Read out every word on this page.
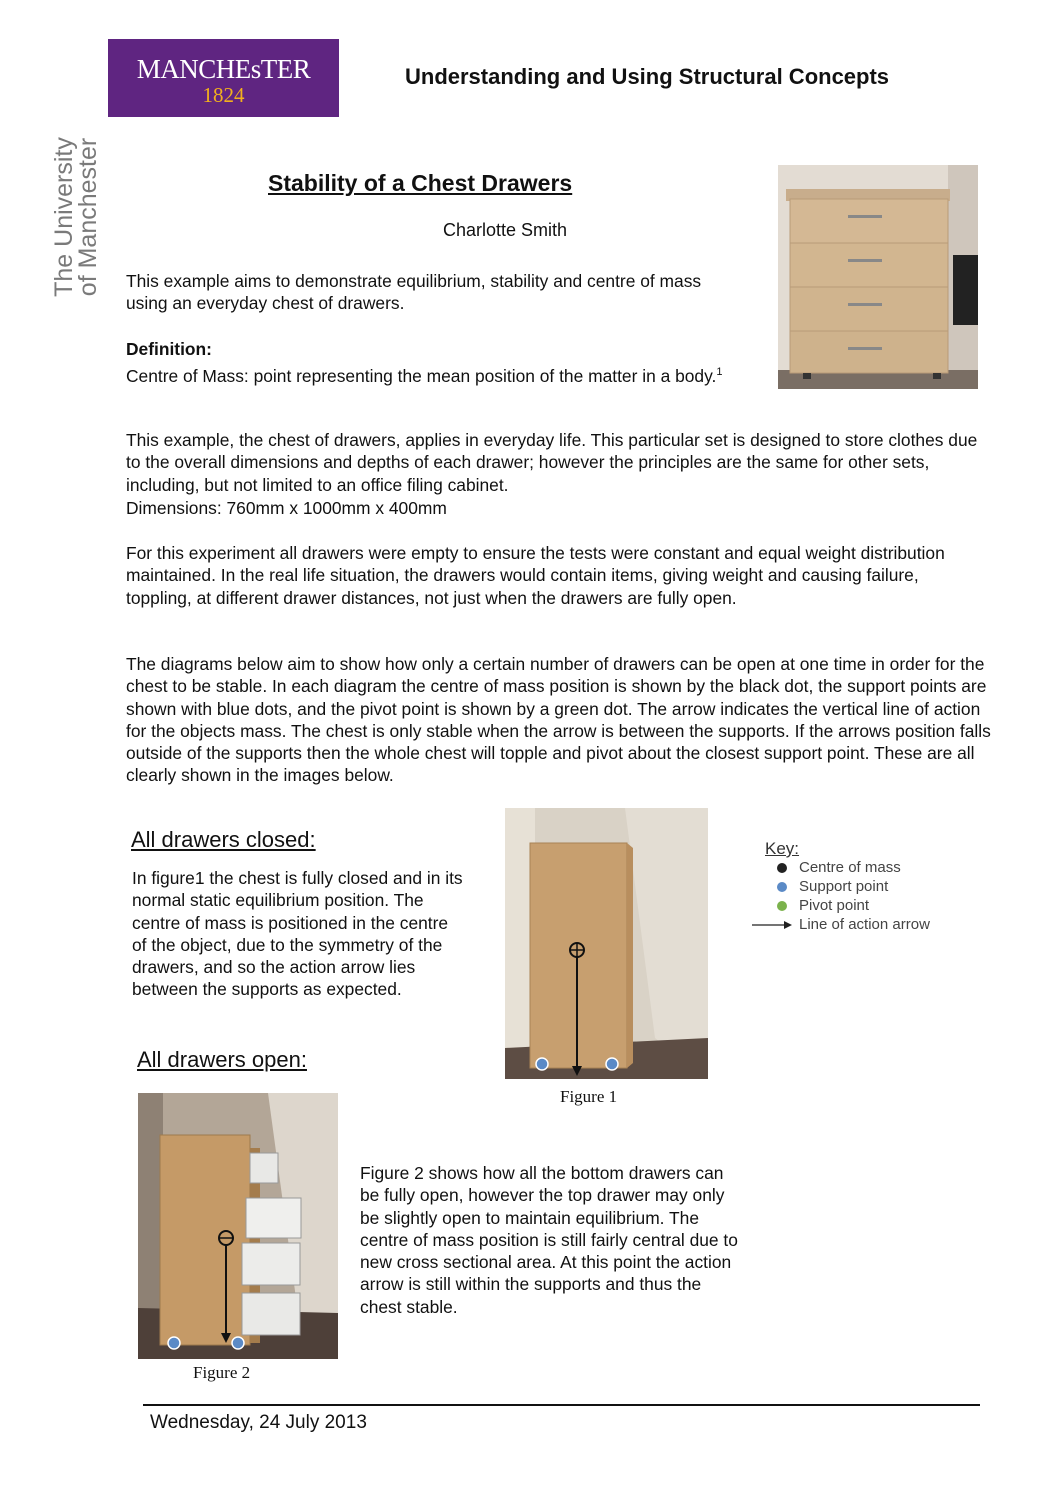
MANCHEsTER
1824
The University
of Manchester
Understanding and Using Structural Concepts
Stability of a Chest Drawers
Charlotte Smith
This example aims to demonstrate equilibrium, stability and centre of mass using an everyday chest of drawers.
Definition:
Centre of Mass: point representing the mean position of the matter in a body.$^1$
This example, the chest of drawers, applies in everyday life. This particular set is designed to store clothes due to the overall dimensions and depths of each drawer; however the principles are the same for other sets, including, but not limited to an office filing cabinet.
Dimensions: 760mm x 1000mm x 400mm
For this experiment all drawers were empty to ensure the tests were constant and equal weight distribution maintained. In the real life situation, the drawers would contain items, giving weight and causing failure, toppling, at different drawer distances, not just when the drawers are fully open.
The diagrams below aim to show how only a certain number of drawers can be open at one time in order for the chest to be stable. In each diagram the centre of mass position is shown by the black dot, the support points are shown with blue dots, and the pivot point is shown by a green dot. The arrow indicates the vertical line of action for the objects mass. The chest is only stable when the arrow is between the supports. If the arrows position falls outside of the supports then the whole chest will topple and pivot about the closest support point. These are all clearly shown in the images below.
All drawers closed:
In figure1 the chest is fully closed and in its normal static equilibrium position. The centre of mass is positioned in the centre of the object, due to the symmetry of the drawers, and so the action arrow lies between the supports as expected.
Figure 1
Key:
Centre of mass
Support point
Pivot point
Line of action arrow
All drawers open:
Figure 2
Figure 2 shows how all the bottom drawers can be fully open, however the top drawer may only be slightly open to maintain equilibrium. The centre of mass position is still fairly central due to new cross sectional area. At this point the action arrow is still within the supports and thus the chest stable.
Wednesday, 24 July 2013
